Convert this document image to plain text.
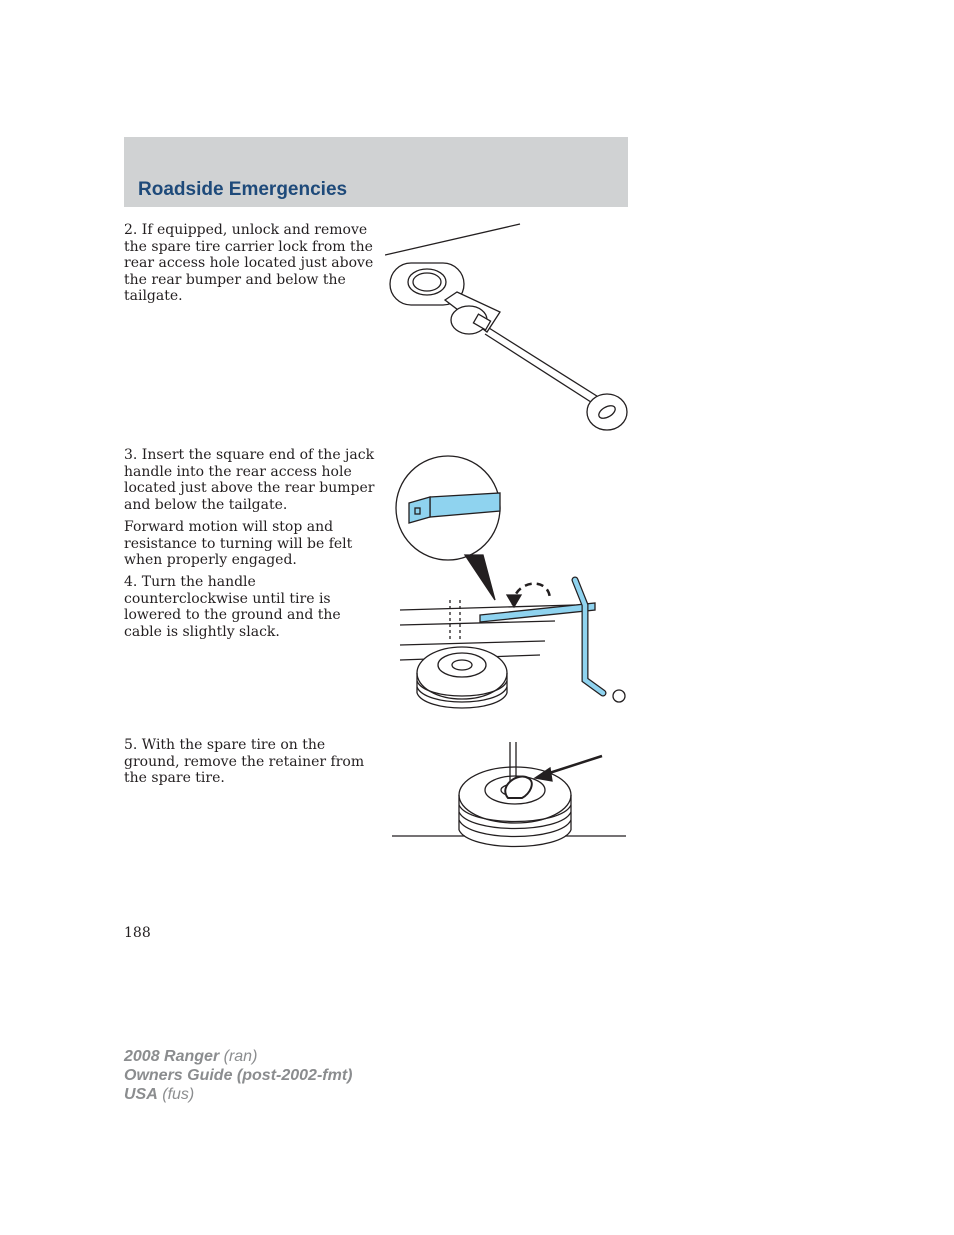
Roadside Emergencies

2. If equipped, unlock and remove the spare tire carrier lock from the rear access hole located just above the rear bumper and below the tailgate.

3. Insert the square end of the jack handle into the rear access hole located just above the rear bumper and below the tailgate.

Forward motion will stop and resistance to turning will be felt when properly engaged.

4. Turn the handle counterclockwise until tire is lowered to the ground and the cable is slightly slack.

5. With the spare tire on the ground, remove the retainer from the spare tire.

188

2008 Ranger (ran)
Owners Guide (post-2002-fmt)
USA (fus)
